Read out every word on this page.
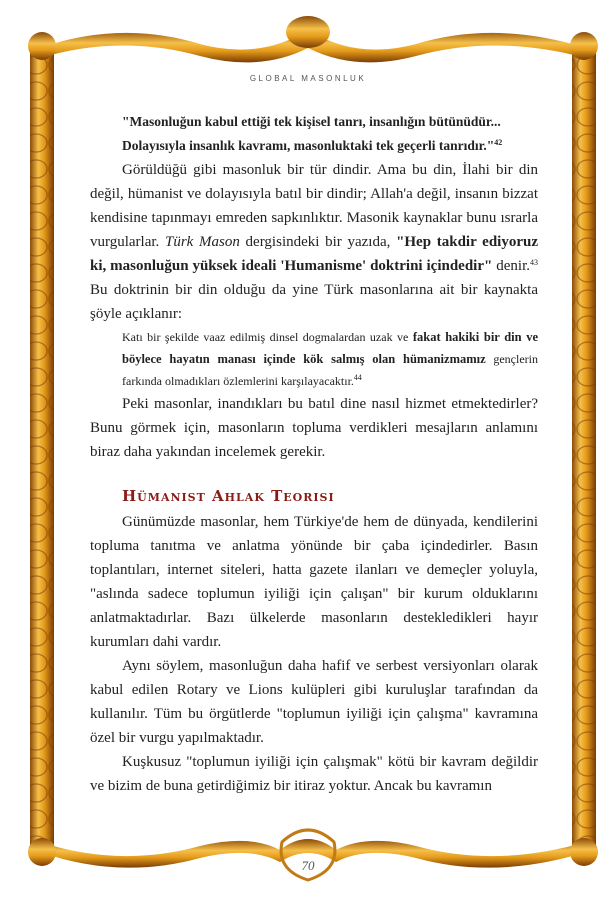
GLOBAL MASONLUK
"Masonluğun kabul ettiği tek kişisel tanrı, insanlığın bütünüdür...
Dolayısıyla insanlık kavramı, masonluktaki tek geçerli tanrıdır."$^{42}$

Görüldüğü gibi masonluk bir tür dindir. Ama bu din, İlahi bir din değil, hümanist ve dolayısıyla batıl bir dindir; Allah'a değil, insanın bizzat kendisine tapınmayı emreden sapkınlıktır. Masonik kaynaklar bunu ısrarla vurgularlar. Türk Mason dergisindeki bir yazıda, "Hep takdir ediyoruz ki, masonluğun yüksek ideali 'Humanisme' doktrini içindedir" denir.$^{43}$ Bu doktrinin bir din olduğu da yine Türk masonlarına ait bir kaynakta şöyle açıklanır:

Katı bir şekilde vaaz edilmiş dinsel dogmalardan uzak ve fakat hakiki bir din ve böylece hayatın manası içinde kök salmış olan hümanizmamız gençlerin farkında olmadıkları özlemlerini karşılayacaktır.$^{44}$

Peki masonlar, inandıkları bu batıl dine nasıl hizmet etmektedirler? Bunu görmek için, masonların topluma verdikleri mesajların anlamını biraz daha yakından incelemek gerekir.

Hümanist Ahlak Teorisi

Günümüzde masonlar, hem Türkiye'de hem de dünyada, kendilerini topluma tanıtma ve anlatma yönünde bir çaba içindedirler. Basın toplantıları, internet siteleri, hatta gazete ilanları ve demeçler yoluyla, "aslında sadece toplumun iyiliği için çalışan" bir kurum olduklarını anlatmaktadırlar. Bazı ülkelerde masonların destekledikleri hayır kurumları dahi vardır.

Aynı söylem, masonluğun daha hafif ve serbest versiyonları olarak kabul edilen Rotary ve Lions kulüpleri gibi kuruluşlar tarafından da kullanılır. Tüm bu örgütlerde "toplumun iyiliği için çalışma" kavramına özel bir vurgu yapılmaktadır.

Kuşkusuz "toplumun iyiliği için çalışmak" kötü bir kavram değildir ve bizim de buna getirdiğimiz bir itiraz yoktur. Ancak bu kavramın

70
